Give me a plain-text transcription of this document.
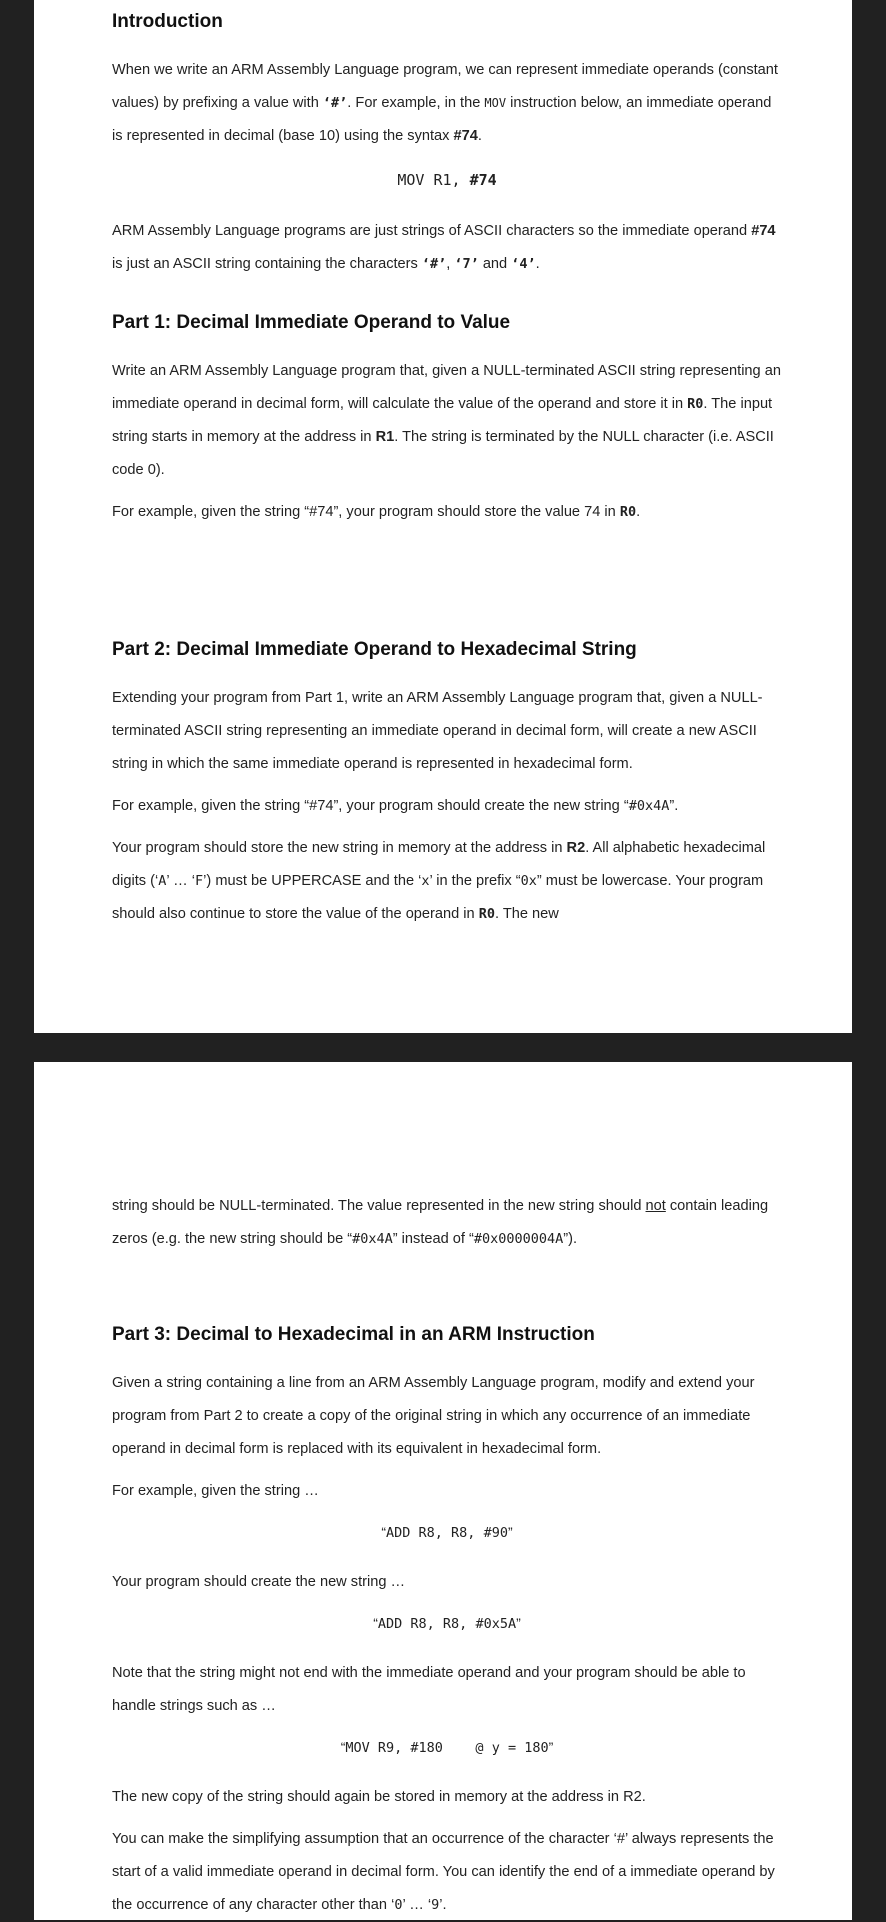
Introduction

When we write an ARM Assembly Language program, we can represent immediate operands (constant values) by prefixing a value with ‘#’. For example, in the MOV instruction below, an immediate operand is represented in decimal (base 10) using the syntax #74.

MOV R1, #74

ARM Assembly Language programs are just strings of ASCII characters so the immediate operand #74 is just an ASCII string containing the characters ‘#’, ‘7’ and ‘4’.

Part 1: Decimal Immediate Operand to Value

Write an ARM Assembly Language program that, given a NULL-terminated ASCII string representing an immediate operand in decimal form, will calculate the value of the operand and store it in R0. The input string starts in memory at the address in R1. The string is terminated by the NULL character (i.e. ASCII code 0).

For example, given the string “#74”, your program should store the value 74 in R0.

Part 2: Decimal Immediate Operand to Hexadecimal String

Extending your program from Part 1, write an ARM Assembly Language program that, given a NULL-terminated ASCII string representing an immediate operand in decimal form, will create a new ASCII string in which the same immediate operand is represented in hexadecimal form.

For example, given the string “#74”, your program should create the new string “#0x4A”.

Your program should store the new string in memory at the address in R2. All alphabetic hexadecimal digits (‘A’ … ‘F’) must be UPPERCASE and the ‘x’ in the prefix “0x” must be lowercase. Your program should also continue to store the value of the operand in R0. The new

string should be NULL-terminated. The value represented in the new string should not contain leading zeros (e.g. the new string should be “#0x4A” instead of “#0x0000004A”).

Part 3: Decimal to Hexadecimal in an ARM Instruction

Given a string containing a line from an ARM Assembly Language program, modify and extend your program from Part 2 to create a copy of the original string in which any occurrence of an immediate operand in decimal form is replaced with its equivalent in hexadecimal form.

For example, given the string …

“ADD R8, R8, #90”

Your program should create the new string …

“ADD R8, R8, #0x5A”

Note that the string might not end with the immediate operand and your program should be able to handle strings such as …

“MOV R9, #180    @ y = 180”

The new copy of the string should again be stored in memory at the address in R2.

You can make the simplifying assumption that an occurrence of the character ‘#’ always represents the start of a valid immediate operand in decimal form. You can identify the end of a immediate operand by the occurrence of any character other than ‘0’ … ‘9’.
